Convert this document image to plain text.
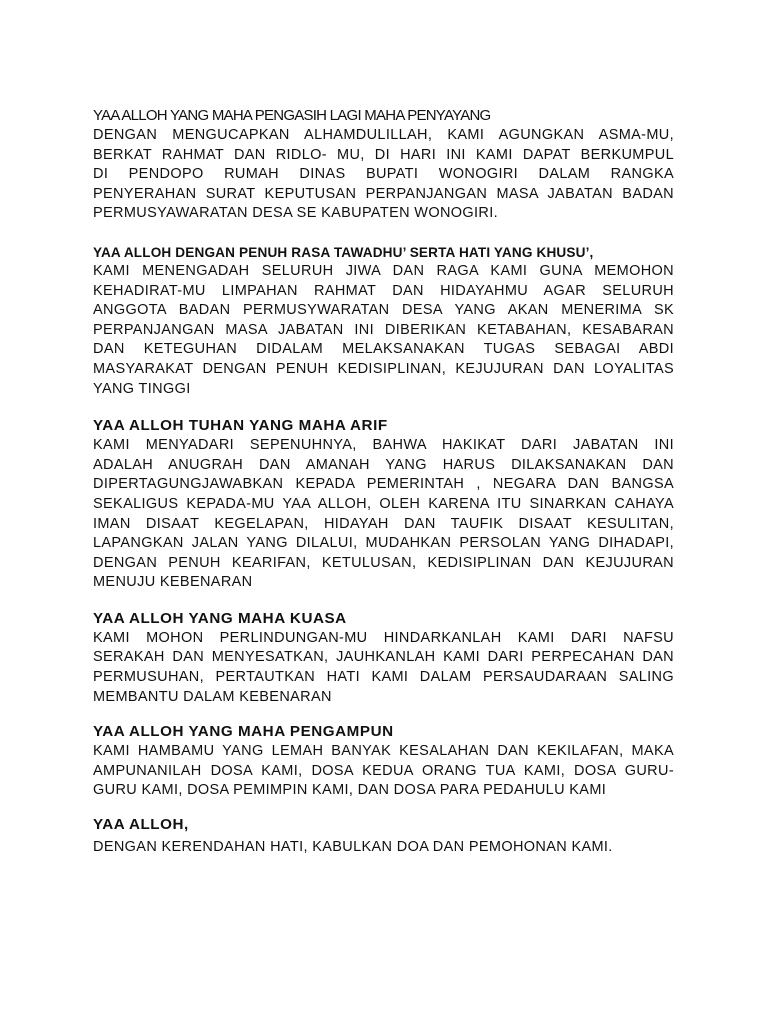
YAA ALLOH YANG MAHA PENGASIH LAGI MAHA PENYAYANG

DENGAN MENGUCAPKAN ALHAMDULILLAH, KAMI AGUNGKAN ASMA-MU,
BERKAT RAHMAT DAN RIDLO- MU, DI HARI INI KAMI DAPAT BERKUMPUL
DI PENDOPO RUMAH DINAS BUPATI WONOGIRI DALAM RANGKA
PENYERAHAN SURAT KEPUTUSAN PERPANJANGAN MASA JABATAN BADAN
PERMUSYAWARATAN DESA SE KABUPATEN WONOGIRI.

YAA ALLOH DENGAN PENUH RASA TAWADHU’ SERTA HATI YANG KHUSU’,

KAMI MENENGADAH SELURUH JIWA DAN RAGA KAMI GUNA MEMOHON
KEHADIRAT-MU LIMPAHAN RAHMAT DAN HIDAYAHMU AGAR SELURUH
ANGGOTA BADAN PERMUSYWARATAN DESA YANG AKAN MENERIMA SK
PERPANJANGAN MASA JABATAN INI DIBERIKAN KETABAHAN, KESABARAN
DAN KETEGUHAN DIDALAM MELAKSANAKAN TUGAS SEBAGAI ABDI
MASYARAKAT DENGAN PENUH KEDISIPLINAN, KEJUJURAN DAN LOYALITAS
YANG TINGGI

YAA ALLOH TUHAN YANG MAHA ARIF

KAMI MENYADARI SEPENUHNYA, BAHWA HAKIKAT DARI JABATAN INI
ADALAH ANUGRAH DAN AMANAH YANG HARUS DILAKSANAKAN DAN
DIPERTAGUNGJAWABKAN KEPADA PEMERINTAH , NEGARA DAN BANGSA
SEKALIGUS KEPADA-MU YAA ALLOH, OLEH KARENA ITU SINARKAN CAHAYA
IMAN DISAAT KEGELAPAN, HIDAYAH DAN TAUFIK DISAAT KESULITAN,
LAPANGKAN JALAN YANG DILALUI, MUDAHKAN PERSOLAN YANG DIHADAPI,
DENGAN PENUH KEARIFAN, KETULUSAN, KEDISIPLINAN DAN KEJUJURAN
MENUJU KEBENARAN

YAA ALLOH YANG MAHA KUASA

KAMI MOHON PERLINDUNGAN-MU HINDARKANLAH KAMI DARI NAFSU
SERAKAH DAN MENYESATKAN, JAUHKANLAH KAMI DARI PERPECAHAN DAN
PERMUSUHAN, PERTAUTKAN HATI KAMI DALAM PERSAUDARAAN SALING
MEMBANTU DALAM KEBENARAN

YAA ALLOH YANG MAHA PENGAMPUN

KAMI HAMBAMU YANG LEMAH BANYAK KESALAHAN DAN KEKILAFAN, MAKA
AMPUNANILAH DOSA KAMI, DOSA KEDUA ORANG TUA KAMI, DOSA GURU-
GURU KAMI, DOSA PEMIMPIN KAMI, DAN DOSA PARA PEDAHULU KAMI

YAA ALLOH,

DENGAN KERENDAHAN HATI, KABULKAN DOA DAN PEMOHONAN KAMI.
